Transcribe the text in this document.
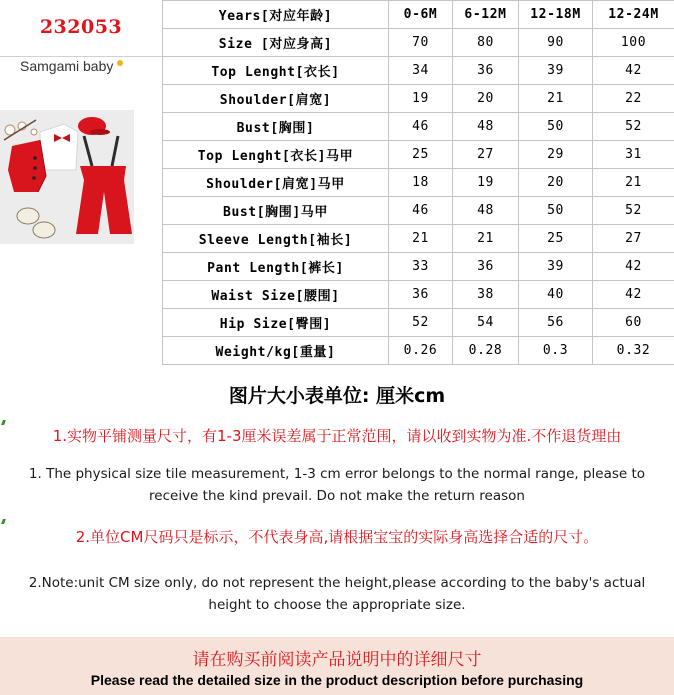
232053
Samgami baby
Years[对应年龄]	0-6M	6-12M	12-18M	12-24M
Size [对应身高]	70	80	90	100
Top Lenght[衣长]	34	36	39	42
Shoulder[肩宽]	19	20	21	22
Bust[胸围]	46	48	50	52
Top Lenght[衣长]马甲	25	27	29	31
Shoulder[肩宽]马甲	18	19	20	21
Bust[胸围]马甲	46	48	50	52
Sleeve Length[袖长]	21	21	25	27
Pant Length[裤长]	33	36	39	42
Waist Size[腰围]	36	38	40	42
Hip Size[臀围]	52	54	56	60
Weight/kg[重量]	0.26	0.28	0.3	0.32
图片大小表单位: 厘米cm
1.实物平铺测量尺寸，有1-3厘米误差属于正常范围，请以收到实物为准.不作退货理由
1. The physical size tile measurement, 1-3 cm error belongs to the normal range, please to
receive the kind prevail. Do not make the return reason
2.单位CM尺码只是标示，不代表身高,请根据宝宝的实际身高选择合适的尺寸。
2.Note:unit CM size only, do not represent the height,please according to the baby's actual
height to choose the appropriate size.
请在购买前阅读产品说明中的详细尺寸
Please read the detailed size in the product description before purchasing
